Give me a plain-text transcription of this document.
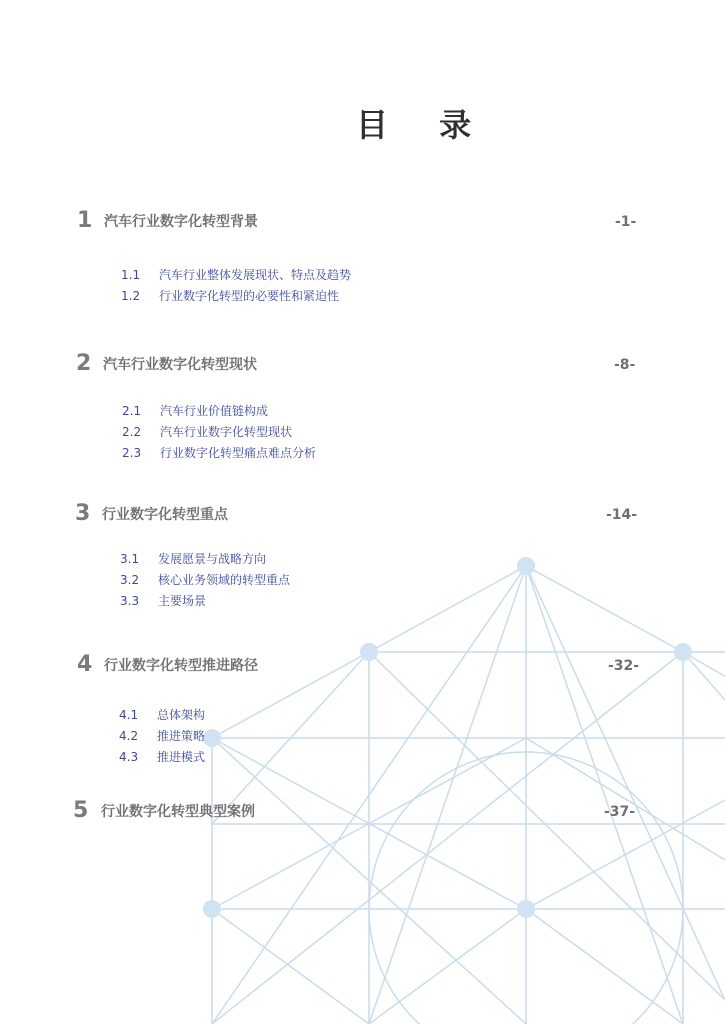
目 录
1 汽车行业数字化转型背景	-1-
1.1 汽车行业整体发展现状、特点及趋势
1.2 行业数字化转型的必要性和紧迫性
2 汽车行业数字化转型现状	-8-
2.1 汽车行业价值链构成
2.2 汽车行业数字化转型现状
2.3 行业数字化转型痛点难点分析
3 行业数字化转型重点	-14-
3.1 发展愿景与战略方向
3.2 核心业务领域的转型重点
3.3 主要场景
4 行业数字化转型推进路径	-32-
4.1 总体架构
4.2 推进策略
4.3 推进模式
5 行业数字化转型典型案例	-37-
